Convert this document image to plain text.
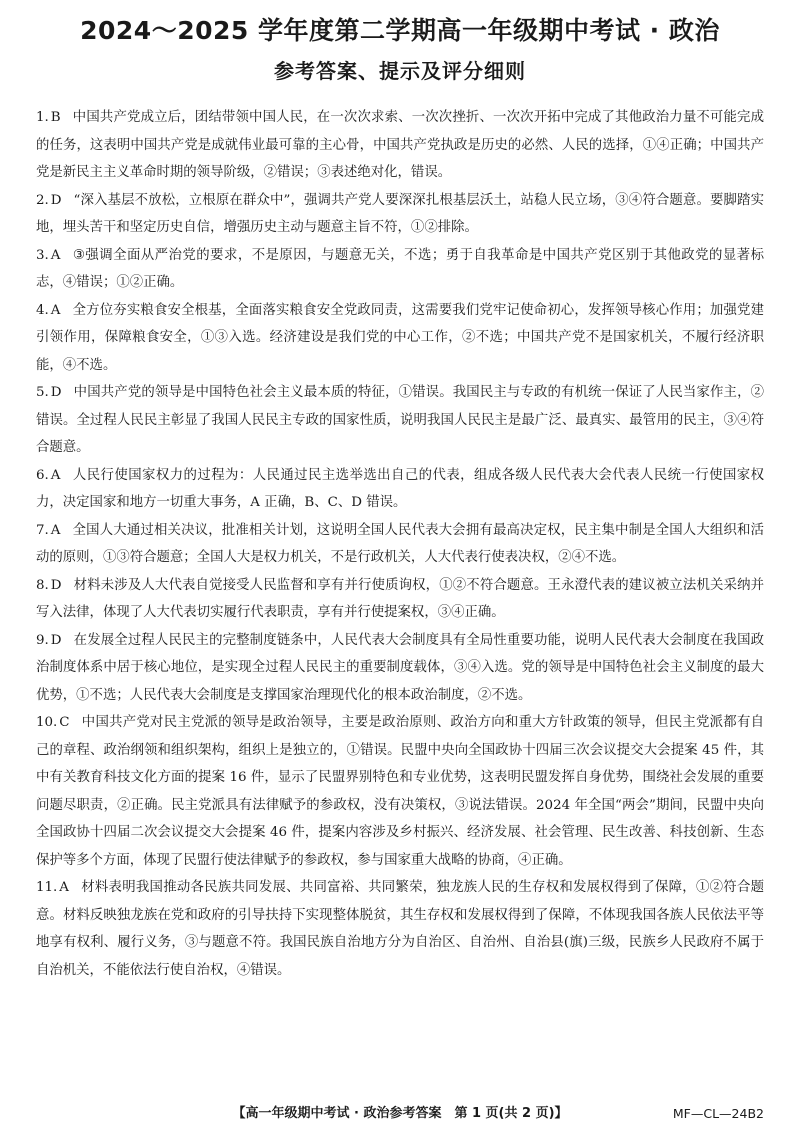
2024～2025 学年度第二学期高一年级期中考试 · 政治
参考答案、提示及评分细则

1. B 中国共产党成立后，团结带领中国人民，在一次次求索、一次次挫折、一次次开拓中完成了其他政治力量不可能完成的任务，这表明中国共产党是成就伟业最可靠的主心骨，中国共产党执政是历史的必然、人民的选择，①④正确；中国共产党是新民主主义革命时期的领导阶级，②错误；③表述绝对化，错误。

2. D “深入基层不放松，立根原在群众中”，强调共产党人要深深扎根基层沃土，站稳人民立场，③④符合题意。要脚踏实地，埋头苦干和坚定历史自信，增强历史主动与题意主旨不符，①②排除。

3. A ③强调全面从严治党的要求，不是原因，与题意无关，不选；勇于自我革命是中国共产党区别于其他政党的显著标志，④错误；①②正确。

4. A 全方位夯实粮食安全根基，全面落实粮食安全党政同责，这需要我们党牢记使命初心，发挥领导核心作用；加强党建引领作用，保障粮食安全，①③入选。经济建设是我们党的中心工作，②不选；中国共产党不是国家机关，不履行经济职能，④不选。

5. D 中国共产党的领导是中国特色社会主义最本质的特征，①错误。我国民主与专政的有机统一保证了人民当家作主，②错误。全过程人民民主彰显了我国人民民主专政的国家性质，说明我国人民民主是最广泛、最真实、最管用的民主，③④符合题意。

6. A 人民行使国家权力的过程为：人民通过民主选举选出自己的代表，组成各级人民代表大会代表人民统一行使国家权力，决定国家和地方一切重大事务，A 正确，B、C、D 错误。

7. A 全国人大通过相关决议，批准相关计划，这说明全国人民代表大会拥有最高决定权，民主集中制是全国人大组织和活动的原则，①③符合题意；全国人大是权力机关，不是行政机关，人大代表行使表决权，②④不选。

8. D 材料未涉及人大代表自觉接受人民监督和享有并行使质询权，①②不符合题意。王永澄代表的建议被立法机关采纳并写入法律，体现了人大代表切实履行代表职责，享有并行使提案权，③④正确。

9. D 在发展全过程人民民主的完整制度链条中，人民代表大会制度具有全局性重要功能，说明人民代表大会制度在我国政治制度体系中居于核心地位，是实现全过程人民民主的重要制度载体，③④入选。党的领导是中国特色社会主义制度的最大优势，①不选；人民代表大会制度是支撑国家治理现代化的根本政治制度，②不选。

10. C 中国共产党对民主党派的领导是政治领导，主要是政治原则、政治方向和重大方针政策的领导，但民主党派都有自己的章程、政治纲领和组织架构，组织上是独立的，①错误。民盟中央向全国政协十四届三次会议提交大会提案 45 件，其中有关教育科技文化方面的提案 16 件，显示了民盟界别特色和专业优势，这表明民盟发挥自身优势，围绕社会发展的重要问题尽职责，②正确。民主党派具有法律赋予的参政权，没有决策权，③说法错误。2024 年全国“两会”期间，民盟中央向全国政协十四届二次会议提交大会提案 46 件，提案内容涉及乡村振兴、经济发展、社会管理、民生改善、科技创新、生态保护等多个方面，体现了民盟行使法律赋予的参政权，参与国家重大战略的协商，④正确。

11. A 材料表明我国推动各民族共同发展、共同富裕、共同繁荣，独龙族人民的生存权和发展权得到了保障，①②符合题意。材料反映独龙族在党和政府的引导扶持下实现整体脱贫，其生存权和发展权得到了保障，不体现我国各族人民依法平等地享有权利、履行义务，③与题意不符。我国民族自治地方分为自治区、自治州、自治县(旗)三级，民族乡人民政府不属于自治机关，不能依法行使自治权，④错误。

【高一年级期中考试 · 政治参考答案　第 1 页(共 2 页)】	MF—CL—24B2
